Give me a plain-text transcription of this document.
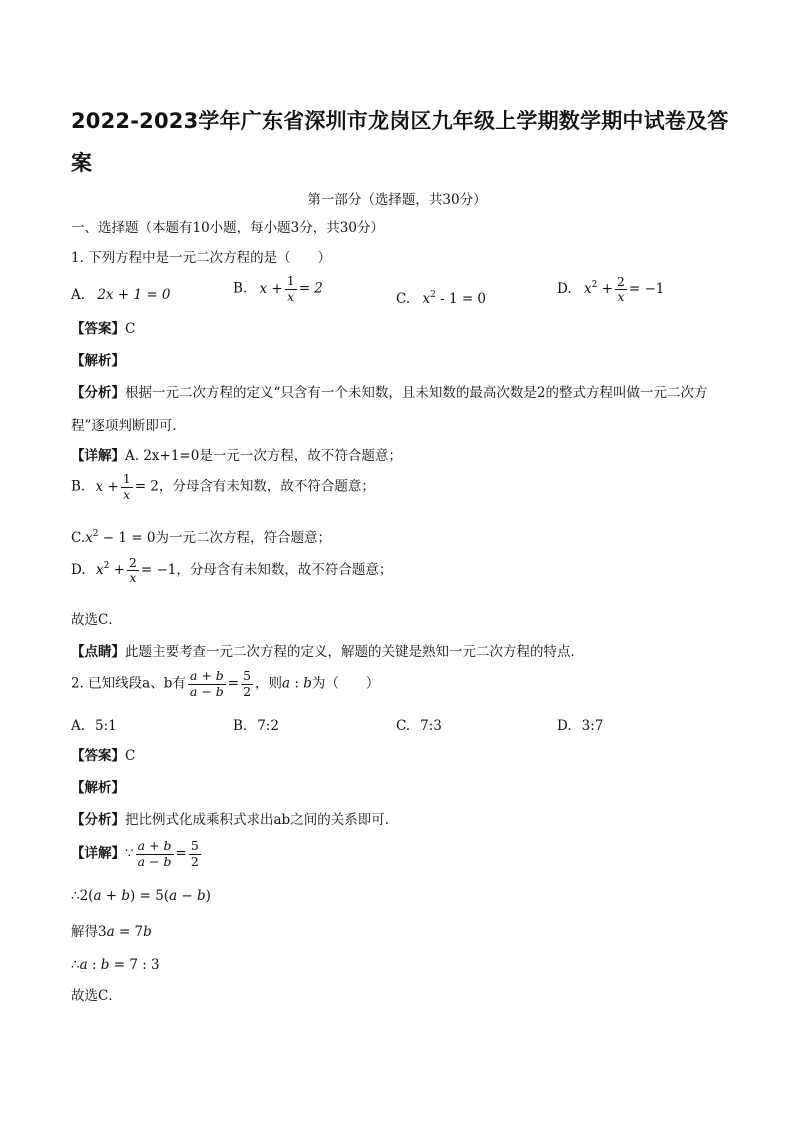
2022-2023学年广东省深圳市龙岗区九年级上学期数学期中试卷及答案
第一部分（选择题，共30分）
一、选择题（本题有10小题，每小题3分，共30分）
1. 下列方程中是一元二次方程的是（　　）
A. 2x + 1 = 0	B. $x + \frac{1}{x} = 2$
C. $x^2 - 1 = 0$
D. $x^2 + \frac{2}{x} = -1$
【答案】C
【解析】
【分析】根据一元二次方程的定义“只含有一个未知数，且未知数的最高次数是2的整式方程叫做一元二次方程”逐项判断即可．
【详解】A. 2x+1=0是一元一次方程，故不符合题意；
B. $x + \frac{1}{x} = 2$，分母含有未知数，故不符合题意；
$C.x^2 - 1 = 0$为一元二次方程，符合题意；
D. $x^2 + \frac{2}{x} = -1$，分母含有未知数，故不符合题意；
故选C．
【点睛】此题主要考查一元二次方程的定义，解题的关键是熟知一元二次方程的特点．
2. 已知线段a、b有 $\frac{a + b}{a - b} = \frac{5}{2}$ ，则a : b为（　　）
A. 5:1	B. 7:2	C. 7:3	D. 3:7
【答案】C
【解析】
【分析】把比例式化成乘积式求出ab之间的关系即可．
【详解】∵ $\frac{a + b}{a - b} = \frac{5}{2}$
∴2(a + b) = 5(a − b)
解得3a = 7b
∴a : b = 7 : 3
故选C．
